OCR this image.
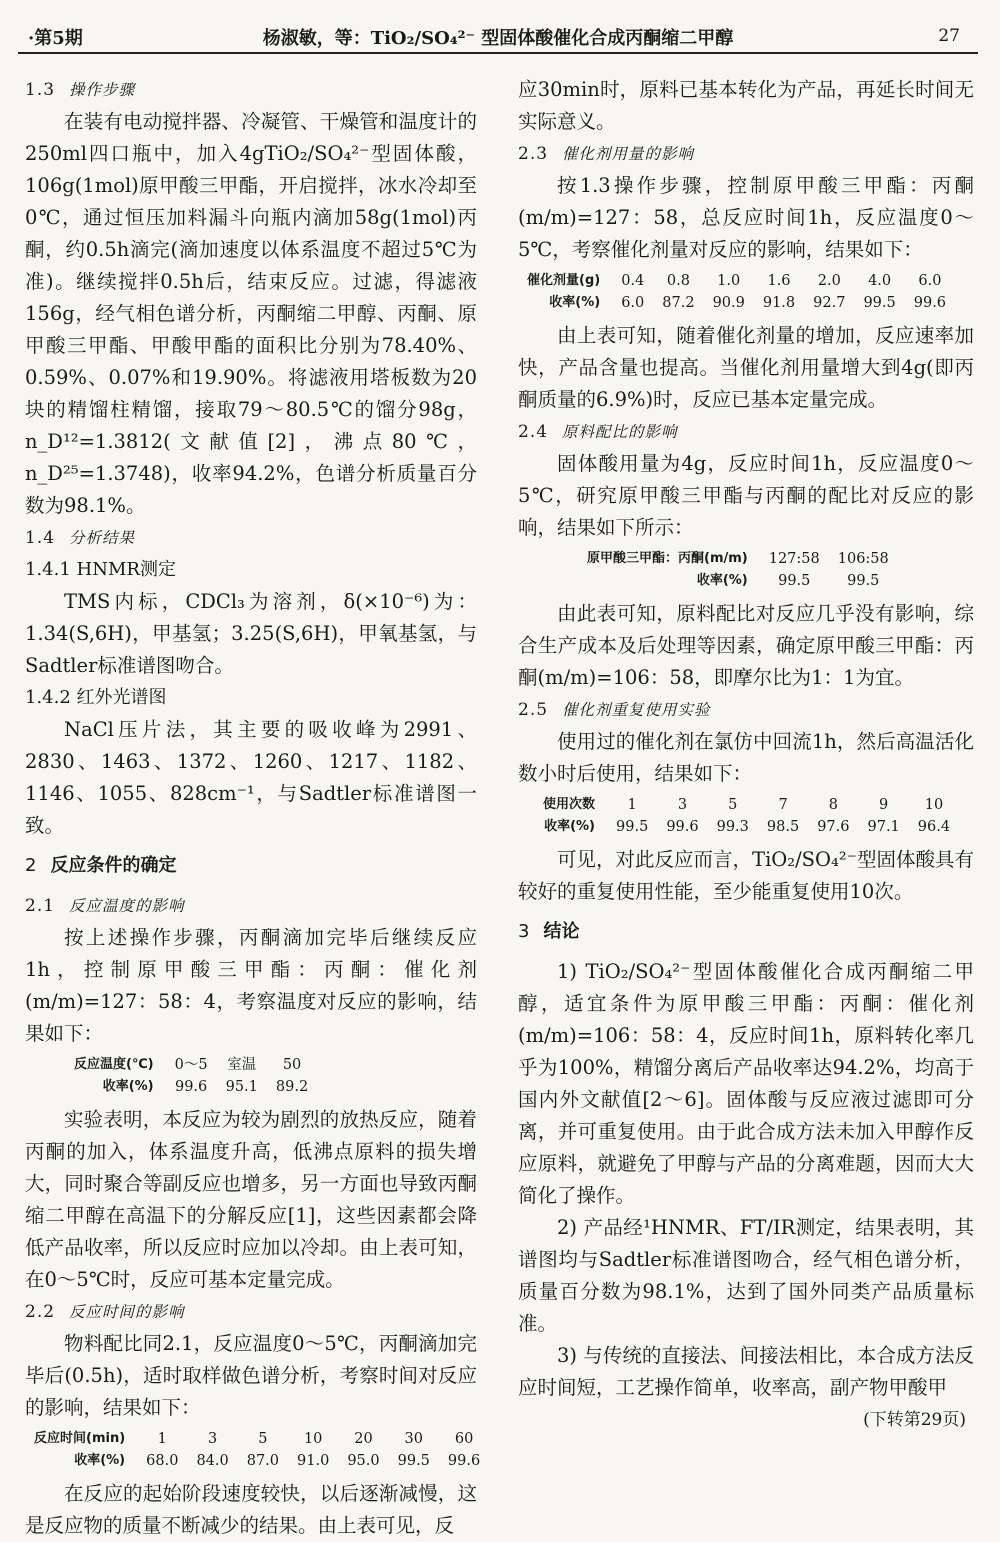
·第5期	杨淑敏，等：TiO₂/SO₄²⁻ 型固体酸催化合成丙酮缩二甲醇	27
1.3 操作步骤

在装有电动搅拌器、冷凝管、干燥管和温度计的250ml四口瓶中，加入4gTiO₂/SO₄²⁻型固体酸，106g(1mol)原甲酸三甲酯，开启搅拌，冰水冷却至0℃，通过恒压加料漏斗向瓶内滴加58g(1mol)丙酮，约0.5h滴完(滴加速度以体系温度不超过5℃为准)。继续搅拌0.5h后，结束反应。过滤，得滤液156g，经气相色谱分析，丙酮缩二甲醇、丙酮、原甲酸三甲酯、甲酸甲酯的面积比分别为78.40%、0.59%、0.07%和19.90%。将滤液用塔板数为20块的精馏柱精馏，接取79～80.5℃的馏分98g，n_D¹²=1.3812(文献值[2]，沸点80℃，n_D²⁵=1.3748)，收率94.2%，色谱分析质量百分数为98.1%。

1.4 分析结果
1.4.1 HNMR测定

TMS内标，CDCl₃为溶剂，δ(×10⁻⁶)为：1.34(S,6H)，甲基氢；3.25(S,6H)，甲氧基氢，与Sadtler标准谱图吻合。

1.4.2 红外光谱图

NaCl压片法，其主要的吸收峰为2991、2830、1463、1372、1260、1217、1182、1146、1055、828cm⁻¹，与Sadtler标准谱图一致。

2 反应条件的确定
2.1 反应温度的影响

按上述操作步骤，丙酮滴加完毕后继续反应1h，控制原甲酸三甲酯：丙酮：催化剂(m/m)=127：58：4，考察温度对反应的影响，结果如下：

反应温度(℃)	0～5	室温	50
收率(%)	99.6	95.1	89.2

实验表明，本反应为较为剧烈的放热反应，随着丙酮的加入，体系温度升高，低沸点原料的损失增大，同时聚合等副反应也增多，另一方面也导致丙酮缩二甲醇在高温下的分解反应[1]，这些因素都会降低产品收率，所以反应时应加以冷却。由上表可知，在0～5℃时，反应可基本定量完成。

2.2 反应时间的影响

物料配比同2.1，反应温度0～5℃，丙酮滴加完毕后(0.5h)，适时取样做色谱分析，考察时间对反应的影响，结果如下：

反应时间(min)	1	3	5	10	20	30	60
收率(%)	68.0	84.0	87.0	91.0	95.0	99.5	99.6

在反应的起始阶段速度较快，以后逐渐减慢，这是反应物的质量不断减少的结果。由上表可见，反

应30min时，原料已基本转化为产品，再延长时间无实际意义。

2.3 催化剂用量的影响

按1.3操作步骤，控制原甲酸三甲酯：丙酮(m/m)=127：58，总反应时间1h，反应温度0～5℃，考察催化剂量对反应的影响，结果如下：

催化剂量(g)	0.4	0.8	1.0	1.6	2.0	4.0	6.0
收率(%)	6.0	87.2	90.9	91.8	92.7	99.5	99.6

由上表可知，随着催化剂量的增加，反应速率加快，产品含量也提高。当催化剂用量增大到4g(即丙酮质量的6.9%)时，反应已基本定量完成。

2.4 原料配比的影响

固体酸用量为4g，反应时间1h，反应温度0～5℃，研究原甲酸三甲酯与丙酮的配比对反应的影响，结果如下所示：

原甲酸三甲酯：丙酮(m/m)	127:58	106:58
收率(%)	99.5	99.5

由此表可知，原料配比对反应几乎没有影响，综合生产成本及后处理等因素，确定原甲酸三甲酯：丙酮(m/m)=106：58，即摩尔比为1：1为宜。

2.5 催化剂重复使用实验

使用过的催化剂在氯仿中回流1h，然后高温活化数小时后使用，结果如下：

使用次数	1	3	5	7	8	9	10
收率(%)	99.5	99.6	99.3	98.5	97.6	97.1	96.4

可见，对此反应而言，TiO₂/SO₄²⁻型固体酸具有较好的重复使用性能，至少能重复使用10次。

3 结论

1) TiO₂/SO₄²⁻型固体酸催化合成丙酮缩二甲醇，适宜条件为原甲酸三甲酯：丙酮：催化剂(m/m)=106：58：4，反应时间1h，原料转化率几乎为100%，精馏分离后产品收率达94.2%，均高于国内外文献值[2～6]。固体酸与反应液过滤即可分离，并可重复使用。由于此合成方法未加入甲醇作反应原料，就避免了甲醇与产品的分离难题，因而大大简化了操作。

2) 产品经¹HNMR、FT/IR测定，结果表明，其谱图均与Sadtler标准谱图吻合，经气相色谱分析，质量百分数为98.1%，达到了国外同类产品质量标准。

3) 与传统的直接法、间接法相比，本合成方法反应时间短，工艺操作简单，收率高，副产物甲酸甲

(下转第29页)
